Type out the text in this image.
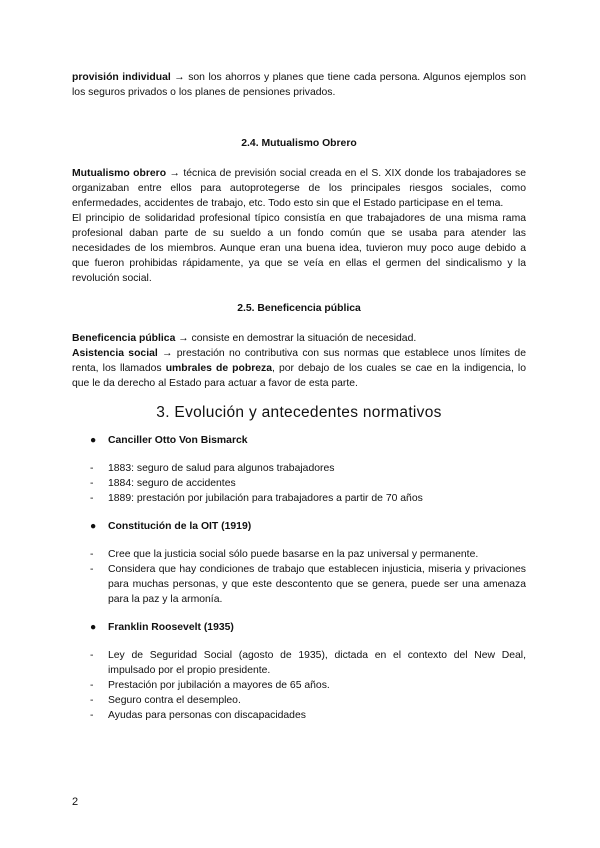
provisión individual → son los ahorros y planes que tiene cada persona. Algunos ejemplos son los seguros privados o los planes de pensiones privados.

2.4. Mutualismo Obrero

Mutualismo obrero → técnica de previsión social creada en el S. XIX donde los trabajadores se organizaban entre ellos para autoprotegerse de los principales riesgos sociales, como enfermedades, accidentes de trabajo, etc. Todo esto sin que el Estado participase en el tema.

El principio de solidaridad profesional típico consistía en que trabajadores de una misma rama profesional daban parte de su sueldo a un fondo común que se usaba para atender las necesidades de los miembros. Aunque eran una buena idea, tuvieron muy poco auge debido a que fueron prohibidas rápidamente, ya que se veía en ellas el germen del sindicalismo y la revolución social.

2.5. Beneficencia pública

Beneficencia pública → consiste en demostrar la situación de necesidad.

Asistencia social → prestación no contributiva con sus normas que establece unos límites de renta, los llamados umbrales de pobreza, por debajo de los cuales se cae en la indigencia, lo que le da derecho al Estado para actuar a favor de esta parte.

3. Evolución y antecedentes normativos
●	Canciller Otto Von Bismarck
-	1883: seguro de salud para algunos trabajadores
-	1884: seguro de accidentes
-	1889: prestación por jubilación para trabajadores a partir de 70 años
●	Constitución de la OIT (1919)
-	Cree que la justicia social sólo puede basarse en la paz universal y permanente.
-	Considera que hay condiciones de trabajo que establecen injusticia, miseria y privaciones para muchas personas, y que este descontento que se genera, puede ser una amenaza para la paz y la armonía.
●	Franklin Roosevelt (1935)
-	Ley de Seguridad Social (agosto de 1935), dictada en el contexto del New Deal, impulsado por el propio presidente.
-	Prestación por jubilación a mayores de 65 años.
-	Seguro contra el desempleo.
-	Ayudas para personas con discapacidades
2
